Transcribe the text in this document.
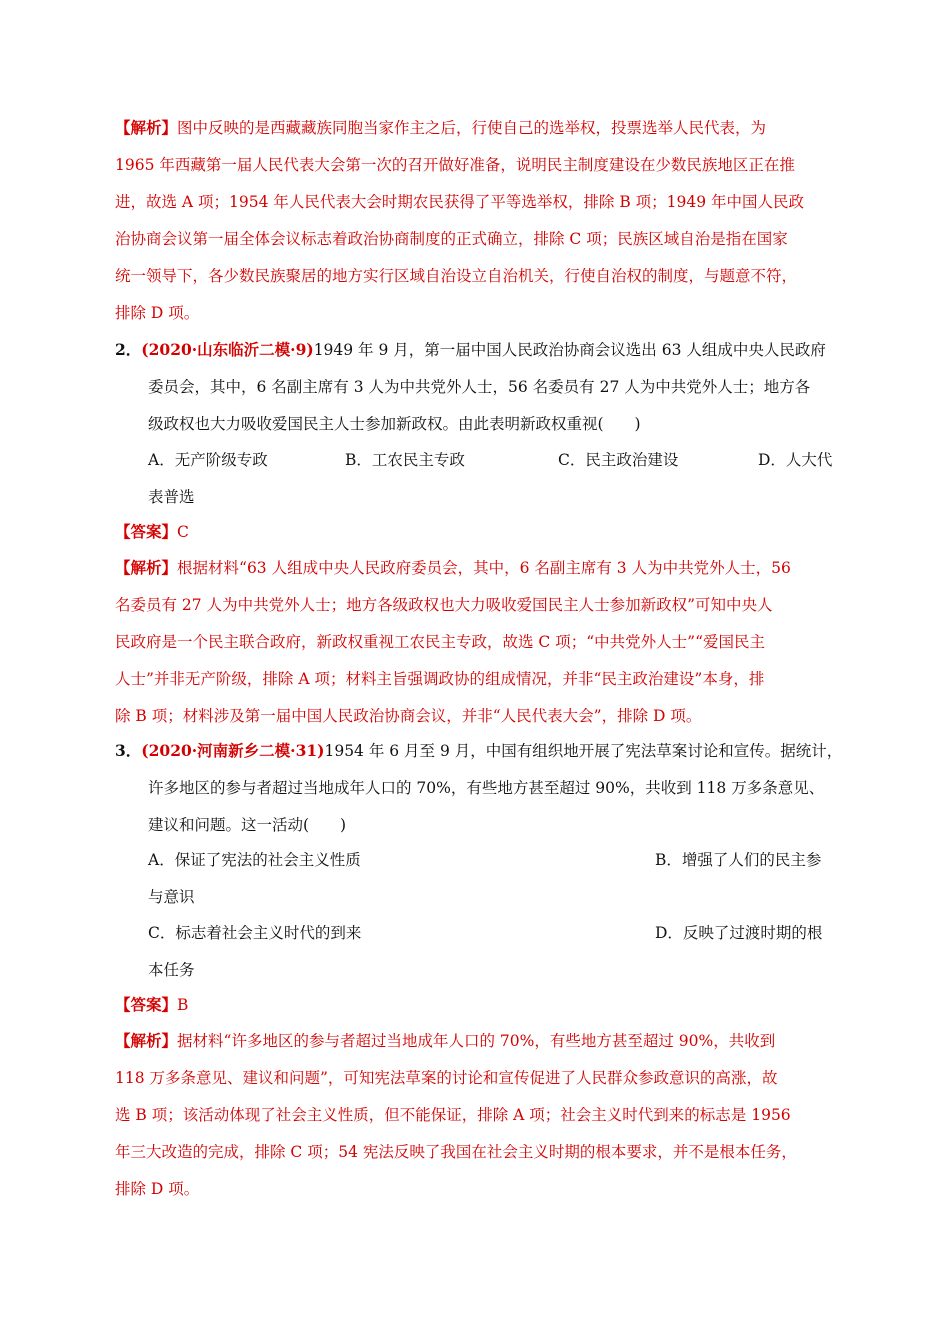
【解析】图中反映的是西藏藏族同胞当家作主之后，行使自己的选举权，投票选举人民代表，为
1965 年西藏第一届人民代表大会第一次的召开做好准备，说明民主制度建设在少数民族地区正在推
进，故选 A 项；1954 年人民代表大会时期农民获得了平等选举权，排除 B 项；1949 年中国人民政
治协商会议第一届全体会议标志着政治协商制度的正式确立，排除 C 项；民族区域自治是指在国家
统一领导下，各少数民族聚居的地方实行区域自治设立自治机关，行使自治权的制度，与题意不符，
排除 D 项。
2．(2020·山东临沂二模·9)1949 年 9 月，第一届中国人民政治协商会议选出 63 人组成中央人民政府
委员会，其中，6 名副主席有 3 人为中共党外人士，56 名委员有 27 人为中共党外人士；地方各
级政权也大力吸收爱国民主人士参加新政权。由此表明新政权重视(　　)
A．无产阶级专政	B．工农民主专政	C．民主政治建设	D．人大代
表普选
【答案】C
【解析】根据材料“63 人组成中央人民政府委员会，其中，6 名副主席有 3 人为中共党外人士，56
名委员有 27 人为中共党外人士；地方各级政权也大力吸收爱国民主人士参加新政权”可知中央人
民政府是一个民主联合政府，新政权重视工农民主专政，故选 C 项；“中共党外人士”“爱国民主
人士”并非无产阶级，排除 A 项；材料主旨强调政协的组成情况，并非“民主政治建设”本身，排
除 B 项；材料涉及第一届中国人民政治协商会议，并非“人民代表大会”，排除 D 项。
3．(2020·河南新乡二模·31)1954 年 6 月至 9 月，中国有组织地开展了宪法草案讨论和宣传。据统计，
许多地区的参与者超过当地成年人口的 70%，有些地方甚至超过 90%，共收到 118 万多条意见、
建议和问题。这一活动(　　)
A．保证了宪法的社会主义性质	B．增强了人们的民主参
与意识
C．标志着社会主义时代的到来	D．反映了过渡时期的根
本任务
【答案】B
【解析】据材料“许多地区的参与者超过当地成年人口的 70%，有些地方甚至超过 90%，共收到
118 万多条意见、建议和问题”，可知宪法草案的讨论和宣传促进了人民群众参政意识的高涨，故
选 B 项；该活动体现了社会主义性质，但不能保证，排除 A 项；社会主义时代到来的标志是 1956
年三大改造的完成，排除 C 项；54 宪法反映了我国在社会主义时期的根本要求，并不是根本任务，
排除 D 项。
